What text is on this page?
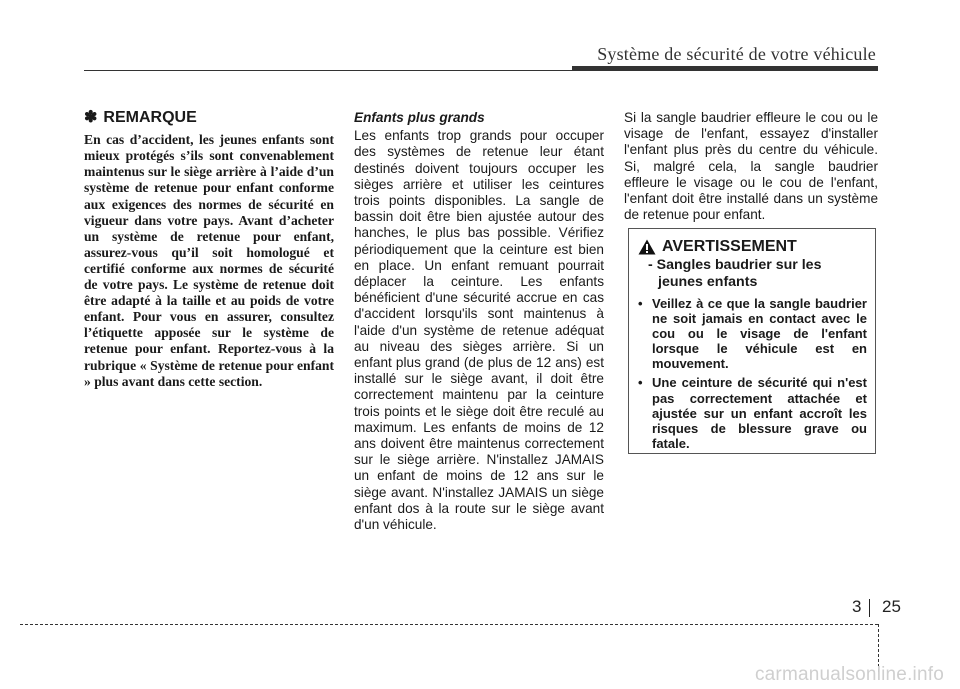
Système de sécurité de votre véhicule
✽ REMARQUE

En cas d’accident, les jeunes enfants sont mieux protégés s’ils sont convenablement maintenus sur le siège arrière à l’aide d’un système de retenue pour enfant conforme aux exigences des normes de sécurité en vigueur dans votre pays. Avant d’acheter un système de retenue pour enfant, assurez-vous qu’il soit homologué et certifié conforme aux normes de sécurité de votre pays. Le système de retenue doit être adapté à la taille et au poids de votre enfant. Pour vous en assurer, consultez l’étiquette apposée sur le système de retenue pour enfant. Reportez-vous à la rubrique « Système de retenue pour enfant » plus avant dans cette section.

Enfants plus grands

Les enfants trop grands pour occuper des systèmes de retenue leur étant destinés doivent toujours occuper les sièges arrière et utiliser les ceintures trois points disponibles. La sangle de bassin doit être bien ajustée autour des hanches, le plus bas possible. Vérifiez périodiquement que la ceinture est bien en place. Un enfant remuant pourrait déplacer la ceinture. Les enfants bénéficient d'une sécurité accrue en cas d'accident lorsqu'ils sont maintenus à l'aide d'un système de retenue adéquat au niveau des sièges arrière. Si un enfant plus grand (de plus de 12 ans) est installé sur le siège avant, il doit être correctement maintenu par la ceinture trois points et le siège doit être reculé au maximum. Les enfants de moins de 12 ans doivent être maintenus correctement sur le siège arrière. N'installez JAMAIS un enfant de moins de 12 ans sur le siège avant. N'installez JAMAIS un siège enfant dos à la route sur le siège avant d'un véhicule.

Si la sangle baudrier effleure le cou ou le visage de l'enfant, essayez d'installer l'enfant plus près du centre du véhicule. Si, malgré cela, la sangle baudrier effleure le visage ou le cou de l'enfant, l'enfant doit être installé dans un système de retenue pour enfant.

AVERTISSEMENT
- Sangles baudrier sur les
jeunes enfants
• Veillez à ce que la sangle baudrier ne soit jamais en contact avec le cou ou le visage de l'enfant lorsque le véhicule est en mouvement.
• Une ceinture de sécurité qui n'est pas correctement attachée et ajustée sur un enfant accroît les risques de blessure grave ou fatale.
3 25
carmanualsonline.info
